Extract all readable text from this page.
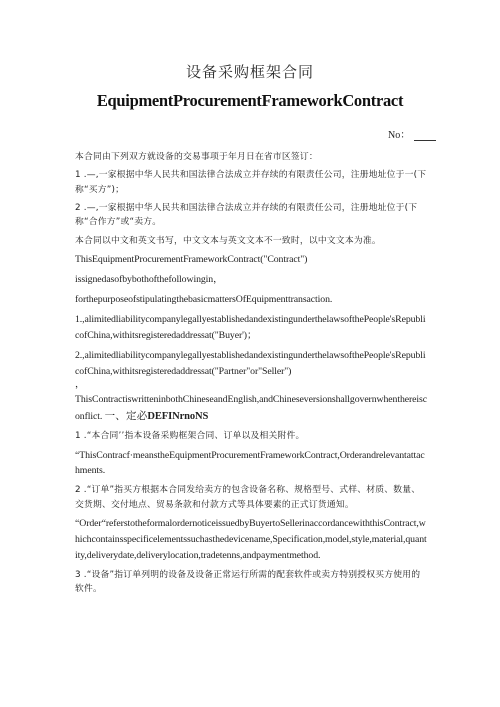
设备采购框架合同
EquipmentProcurementFrameworkContract
No：

本合同由下列双方就设备的交易事项于年月日在省市区签订：

1 .—,一家根据中华人民共和国法律合法成立并存续的有限责任公司，注册地址位于一(下称“买方”)；

2 .—,一家根据中华人民共和国法律合法成立并存续的有限责任公司，注册地址位于(下称“合作方”或“卖方。

本合同以中文和英文书写，中文文本与英文文本不一致时，以中文文本为准。

ThisEquipmentProcurementFrameworkContract("Contract")

issignedasofbybothofthefollowingin，

forthepurposeofstipulatingthebasicmattersOfEquipmenttransaction.

1.,alimitedliabilitycompanylegallyestablishedandexistingunderthelawsofthePeople'sRepublicofChina,withitsregisteredaddressat("Buyer')；

2.,alimitedliabilitycompanylegallyestablishedandexistingunderthelawsofthePeople'sRepublicofChina,withitsregisteredaddressat("Partner"or"Seller")

，

ThisContractiswritteninbothChineseandEnglish,andChineseversionshallgovernwhenthereisconflict. 一、定必DEFINrnoNS

1 .“本合同’’指本设备采购框架合同、订单以及相关附件。

“ThisContracf·meanstheEquipmentProcurementFrameworkContract,Orderandrelevantattachments.

2 .“订单”指买方根据本合同发给卖方的包含设备名称、规格型号、式样、材质、数量、交货期、交付地点、贸易条款和付款方式等具体要素的正式订货通知。

“Order“referstotheformalordernoticeissuedbyBuyertoSellerinaccordancewiththisContract,whichcontainsspecificelementssuchasthedevicename,Specification,model,style,material,quantity,deliverydate,deliverylocation,tradetenns,andpaymentmethod.

3 .“设备”指订单列明的设备及设备正常运行所需的配套软件或卖方特别授权买方使用的软件。
